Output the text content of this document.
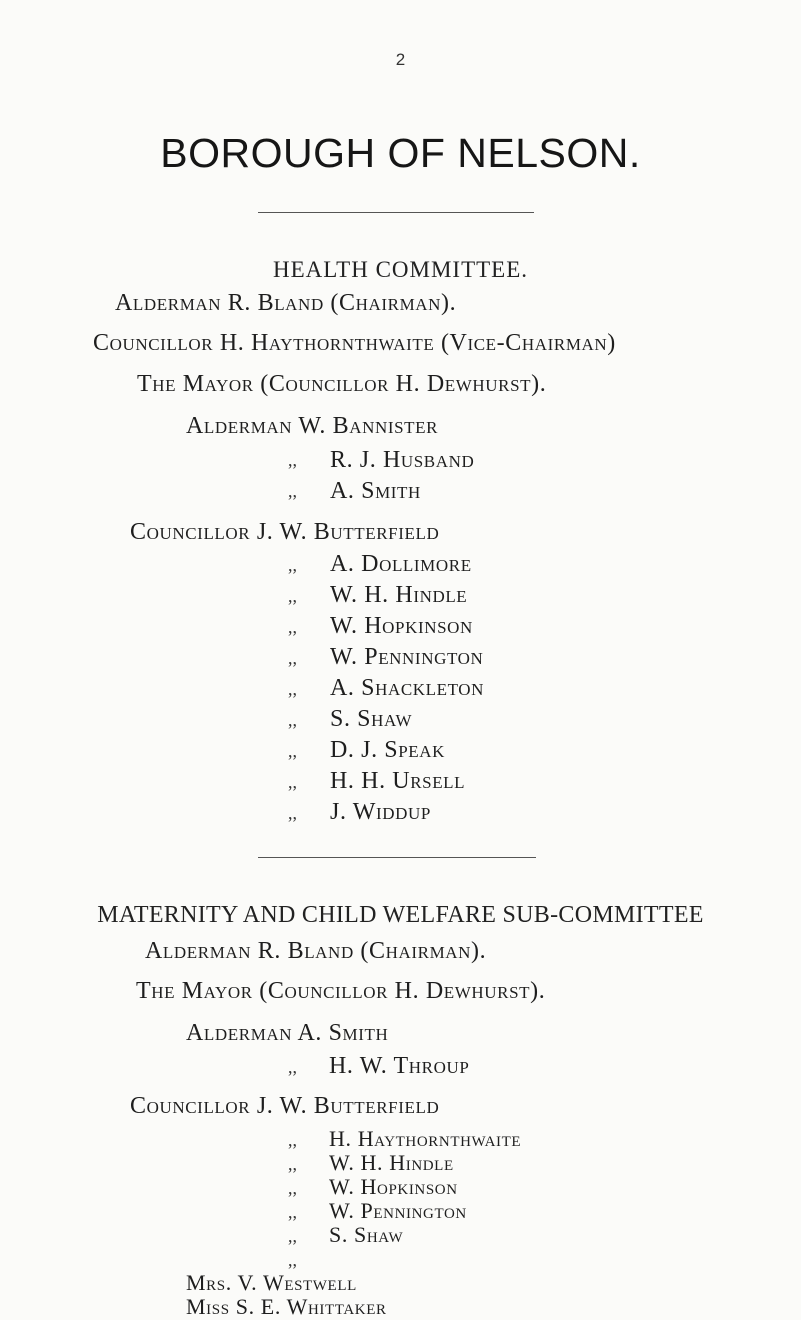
2
BOROUGH OF NELSON.
HEALTH COMMITTEE.
Alderman R. Bland (Chairman).
Councillor H. Haythornthwaite (Vice-Chairman)
The Mayor (Councillor H. Dewhurst).
Alderman W. Bannister
,, R. J. Husband
,, A. Smith
Councillor J. W. Butterfield
,, A. Dollimore
,, W. H. Hindle
,, W. Hopkinson
,, W. Pennington
,, A. Shackleton
,, S. Shaw
,, D. J. Speak
,, H. H. Ursell
,, J. Widdup
MATERNITY AND CHILD WELFARE SUB-COMMITTEE
Alderman R. Bland (Chairman).
The Mayor (Councillor H. Dewhurst).
Alderman A. Smith
,, H. W. Throup
Councillor J. W. Butterfield
,, H. Haythornthwaite
,, W. H. Hindle
,, W. Hopkinson
,, W. Pennington
,, S. Shaw
,,
Mrs. V. Westwell
Miss S. E. Whittaker
